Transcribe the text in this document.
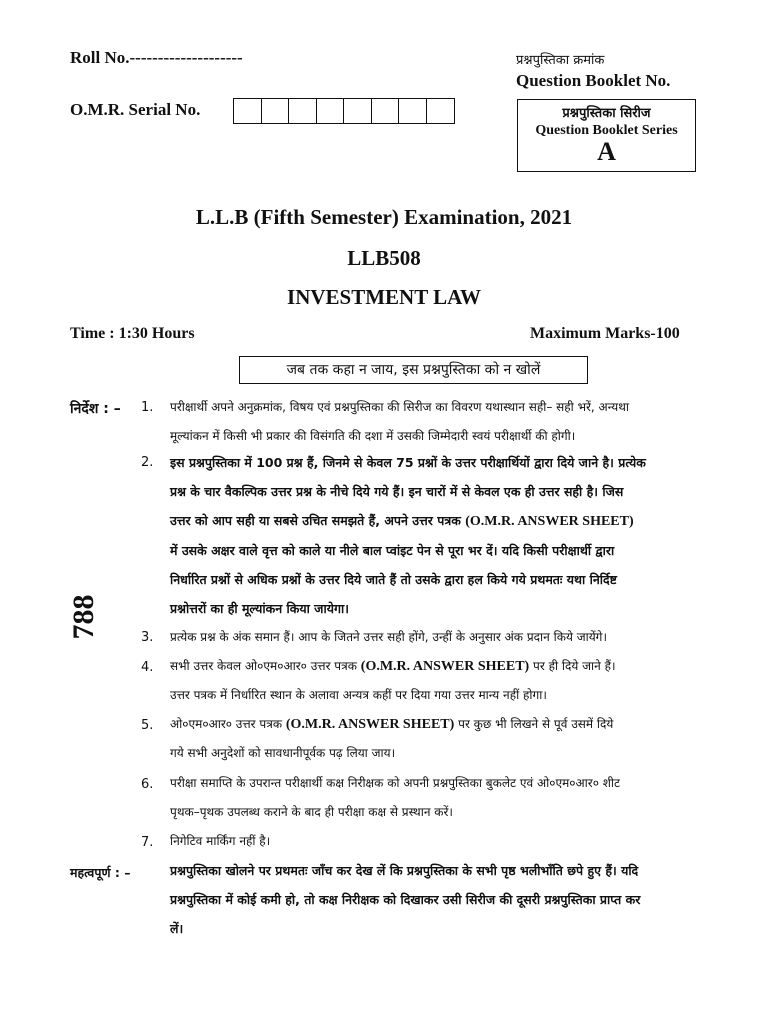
Roll No.--------------------
O.M.R. Serial No.
प्रश्नपुस्तिका क्रमांक
Question Booklet No.
प्रश्नपुस्तिका सिरीज
Question Booklet Series
A
L.L.B (Fifth Semester) Examination, 2021
LLB508
INVESTMENT LAW
Time : 1:30 Hours	Maximum Marks-100
जब तक कहा न जाय, इस प्रश्नपुस्तिका को न खोलें
788
निर्देश : – 1.	परीक्षार्थी अपने अनुक्रमांक, विषय एवं प्रश्नपुस्तिका की सिरीज का विवरण यथास्थान सही– सही भरें, अन्यथा
मूल्यांकन में किसी भी प्रकार की विसंगति की दशा में उसकी जिम्मेदारी स्वयं परीक्षार्थी की होगी।
2.	इस प्रश्नपुस्तिका में 100 प्रश्न हैं, जिनमे से केवल 75 प्रश्नों के उत्तर परीक्षार्थियों द्वारा दिये जाने है। प्रत्येक
प्रश्न के चार वैकल्पिक उत्तर प्रश्न के नीचे दिये गये हैं। इन चारों में से केवल एक ही उत्तर सही है। जिस
उत्तर को आप सही या सबसे उचित समझते हैं, अपने उत्तर पत्रक (O.M.R. ANSWER SHEET)
में उसके अक्षर वाले वृत्त को काले या नीले बाल प्वांइट पेन से पूरा भर दें। यदि किसी परीक्षार्थी द्वारा
निर्धारित प्रश्नों से अधिक प्रश्नों के उत्तर दिये जाते हैं तो उसके द्वारा हल किये गये प्रथमतः यथा निर्दिष्ट
प्रश्नोत्तरों का ही मूल्यांकन किया जायेगा।
3.	प्रत्येक प्रश्न के अंक समान हैं। आप के जितने उत्तर सही होंगे, उन्हीं के अनुसार अंक प्रदान किये जायेंगे।
4.	सभी उत्तर केवल ओ०एम०आर० उत्तर पत्रक (O.M.R. ANSWER SHEET) पर ही दिये जाने हैं।
उत्तर पत्रक में निर्धारित स्थान के अलावा अन्यत्र कहीं पर दिया गया उत्तर मान्य नहीं होगा।
5.	ओ०एम०आर० उत्तर पत्रक (O.M.R. ANSWER SHEET) पर कुछ भी लिखने से पूर्व उसमें दिये
गये सभी अनुदेशों को सावधानीपूर्वक पढ़ लिया जाय।
6.	परीक्षा समाप्ति के उपरान्त परीक्षार्थी कक्ष निरीक्षक को अपनी प्रश्नपुस्तिका बुकलेट एवं ओ०एम०आर० शीट
पृथक–पृथक उपलब्ध कराने के बाद ही परीक्षा कक्ष से प्रस्थान करें।
7.	निगेटिव मार्किंग नहीं है।
महत्वपूर्ण : –	प्रश्नपुस्तिका खोलने पर प्रथमतः जाँच कर देख लें कि प्रश्नपुस्तिका के सभी पृष्ठ भलीभाँति छपे हुए हैं। यदि
प्रश्नपुस्तिका में कोई कमी हो, तो कक्ष निरीक्षक को दिखाकर उसी सिरीज की दूसरी प्रश्नपुस्तिका प्राप्त कर
लें।
